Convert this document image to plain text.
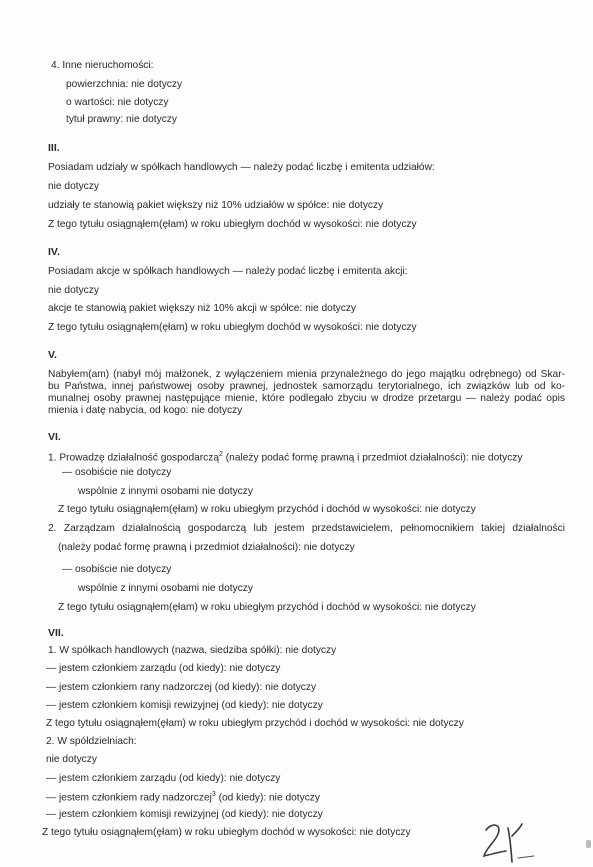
4. Inne nieruchomości:
powierzchnia: nie dotyczy
o wartości: nie dotyczy
tytuł prawny: nie dotyczy
III.
Posiadam udziały w spółkach handlowych — należy podać liczbę i emitenta udziałów:
nie dotyczy
udziały te stanowią pakiet większy niż 10% udziałów w spółce: nie dotyczy
Z tego tytułu osiągnąłem(ęłam) w roku ubiegłym dochód w wysokości: nie dotyczy
IV.
Posiadam akcje w spółkach handlowych — należy podać liczbę i emitenta akcji:
nie dotyczy
akcje te stanowią pakiet większy niż 10% akcji w spółce: nie dotyczy
Z tego tytułu osiągnąłem(ęłam) w roku ubiegłym dochód w wysokości: nie dotyczy
V.
Nabyłem(am) (nabył mój małżonek, z wyłączeniem mienia przynależnego do jego majątku odrębnego) od Skar-
bu Państwa, innej państwowej osoby prawnej, jednostek samorządu terytorialnego, ich związków lub od ko-
munalnej osoby prawnej następujące mienie, które podlegało zbyciu w drodze przetargu — należy podać opis
mienia i datę nabycia, od kogo: nie dotyczy
VI.
1. Prowadzę działalność gospodarczą$^2$ (należy podać formę prawną i przedmiot działalności): nie dotyczy
— osobiście nie dotyczy
wspólnie z innymi osobami nie dotyczy
Z tego tytułu osiągnąłem(ęłam) w roku ubiegłym przychód i dochód w wysokości: nie dotyczy
2. Zarządzam działalnością gospodarczą lub jestem przedstawicielem, pełnomocnikiem takiej działalności
(należy podać formę prawną i przedmiot działalności): nie dotyczy
— osobiście nie dotyczy
wspólnie z innymi osobami nie dotyczy
Z tego tytułu osiągnąłem(ęłam) w roku ubiegłym przychód i dochód w wysokości: nie dotyczy
VII.
1. W spółkach handlowych (nazwa, siedziba spółki): nie dotyczy
— jestem członkiem zarządu (od kiedy): nie dotyczy
— jestem członkiem rany nadzorczej (od kiedy): nie dotyczy
— jestem członkiem komisji rewizyjnej (od kiedy): nie dotyczy
Z tego tytułu osiągnąłem(ęłam) w roku ubiegłym przychód i dochód w wysokości: nie dotyczy
2. W spółdzielniach:
nie dotyczy
— jestem członkiem zarządu (od kiedy): nie dotyczy
— jestem członkiem rady nadzorczej$^3$ (od kiedy): nie dotyczy
— jestem członkiem komisji rewizyjnej (od kiedy): nie dotyczy
Z tego tytułu osiągnąłem(ęłam) w roku ubiegłym dochód w wysokości: nie dotyczy
